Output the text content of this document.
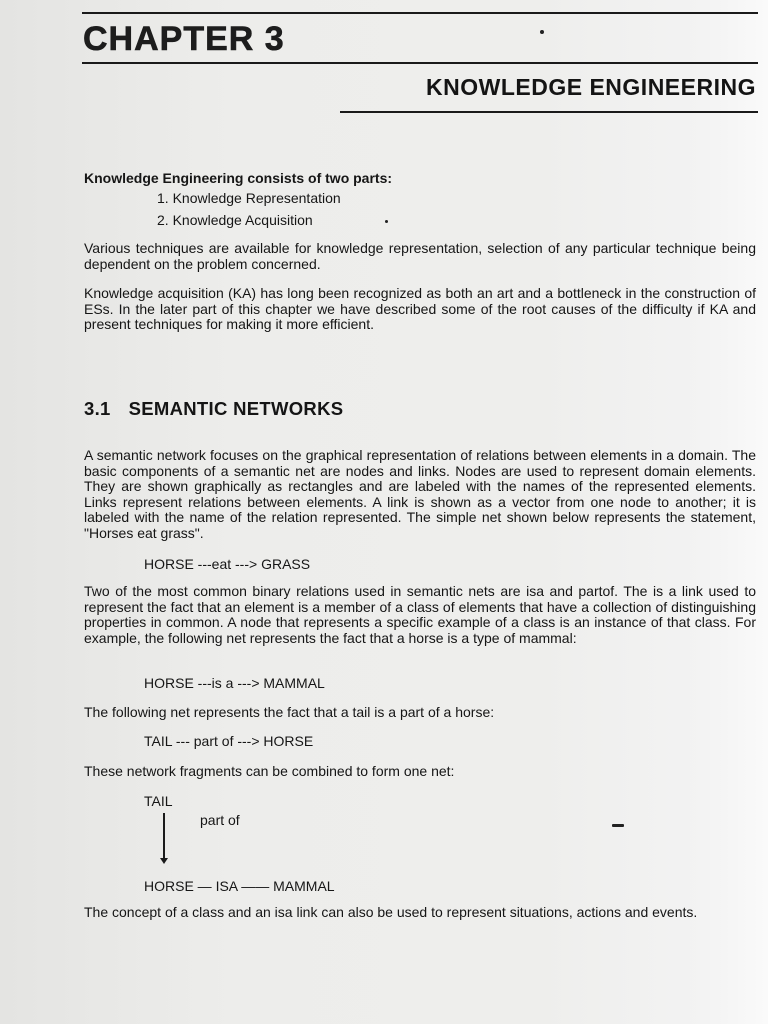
CHAPTER 3
KNOWLEDGE ENGINEERING
Knowledge Engineering consists of two parts:
1. Knowledge Representation
2. Knowledge Acquisition
Various techniques are available for knowledge representation, selection of any particular technique being dependent on the problem concerned.
Knowledge acquisition (KA) has long been recognized as both an art and a bottleneck in the construction of ESs. In the later part of this chapter we have described some of the root causes of the difficulty if KA and present techniques for making it more efficient.
3.1 SEMANTIC NETWORKS
A semantic network focuses on the graphical representation of relations between elements in a domain. The basic components of a semantic net are nodes and links. Nodes are used to represent domain elements. They are shown graphically as rectangles and are labeled with the names of the represented elements. Links represent relations between elements. A link is shown as a vector from one node to another; it is labeled with the name of the relation represented. The simple net shown below represents the statement, "Horses eat grass".
HORSE ---eat ---> GRASS
Two of the most common binary relations used in semantic nets are isa and partof. The is a link used to represent the fact that an element is a member of a class of elements that have a collection of distinguishing properties in common. A node that represents a specific example of a class is an instance of that class. For example, the following net represents the fact that a horse is a type of mammal:
HORSE ---is a ---> MAMMAL
The following net represents the fact that a tail is a part of a horse:
TAIL --- part of ---> HORSE
These network fragments can be combined to form one net:
TAIL
part of
HORSE — ISA —— MAMMAL
The concept of a class and an isa link can also be used to represent situations, actions and events.
